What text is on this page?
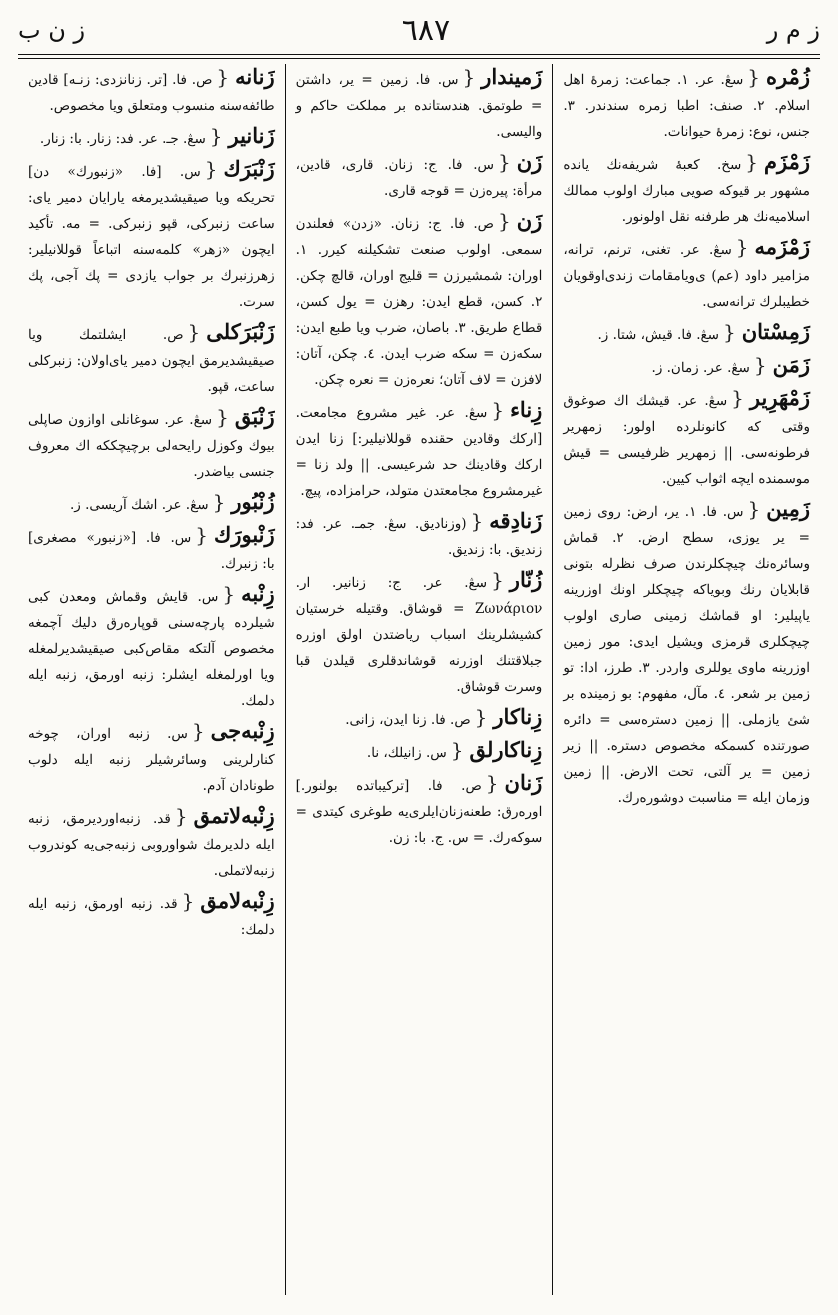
ز م ر
٦٨٧
ز ن ب

زُمْره{سڠ. عر. ١. جماعت: زمرهٔ اهل اسلام. ٢. صنف: اطبا زمره سندندر. ٣. جنس، نوع: زمرهٔ حيوانات.

زَمْزَم{سخ. كعبهٔ شريفه‌نك يانده مشهور بر قيوكه صويى مبارك اولوب ممالك اسلاميه‌نك هر طرفنه نقل اولونور.

زَمْزَمه{سڠ. عر. تغنى، ترنم، ترانه، مزامير داود (عم) ى‌ويامقامات زندى‌اوقويان خطيبلرك ترانه‌سى.

زَمِسْتان{سڠ. فا. قيش، شتا. ز.

زَمَن{سڠ. عر. زمان. ز.

زَمْهَرِير{سڠ. عر. قيشك اك صوغوق وقتى كه كانونلرده اولور: زمهرير فرطونه‌سى. || زمهرير ظرفيسى = قيش موسمنده ايچه اثواب كيين.

زَمِين{س. فا. ١. ير، ارض: روى زمين = ير يوزى، سطح ارض. ٢. قماش وسائره‌نك چيچكلرندن صرف نظرله بتونى قابلايان رنك وبوياكه چيچكلر اونك اوزرينه ياپيلير: او قماشك زمينى صارى اولوب چيچكلرى قرمزى ويشيل ايدى: مور زمين اوزرينه ماوى يوللرى واردر. ٣. طرز، ادا: تو زمين بر شعر. ٤. مآل، مفهوم: بو زمينده بر شئ يازملى. || زمين دستره‌سى = دائره صورتنده كسمكه مخصوص دستره. || زير زمين = ير آلتى، تحت الارض. || زمين وزمان ايله = مناسبت دوشوره‌رك.

زَميندار{س. فا. زمين = ير، داشتن = طوتمق. هندستانده بر مملكت حاكم و واليسى.

زَن{س. فا. ج: زنان. قارى، قادين، مرأة: پيره‌زن = قوجه قارى.

زَن{ص. فا. ج: زنان. «زدن» فعلندن سمعى. اولوب صنعت تشكيلنه كيرر. ١. اوران: شمشيرزن = قليج اوران، قالچ چكن. ٢. كسن، قطع ايدن: رهزن = يول كسن، قطاع طريق. ٣. باصان، ضرب ويا طبع ايدن: سكه‌زن = سكه ضرب ايدن. ٤. چكن، آتان: لافزن = لاف آتان؛ نعره‌زن = نعره چكن.

زِناء{سڠ. عر. غير مشروع مجامعت. [اركك وقادين حقنده قوللانيلير:] زنا ايدن اركك وقادينك حد شرعيسى. || ولد زنا = غيرمشروع مجامعتدن متولد، حرامزاده، پيچ.

زَنادِقه{(وزناديق. سڠ. جمـ. عر. فد: زنديق. با: زنديق.

زُنّار{سڠ. عر. ج: زنانير. ار. Ζωνάριον = قوشاق. وقتيله خرستيان كشيشلرينك اسباب رياضتدن اولق اوزره جبلاقتنك اوزرنه قوشاندقلرى قيلدن قبا وسرت قوشاق.

زِناكار{ص. فا. زنا ايدن، زانى.

زِناكارلق{س. زانيلك، نا.

زَنان{ص. فا. [تركيباتده بولنور.] اورەرق: طعنه‌زنان‌ايلرى‌يه طوغرى كيتدى = سوكه‌رك. = س. ج. با: زن.

زَنانه{ص. فا. [تر. زنانزدى: زنـه] قادين طائفه‌سنه منسوب ومتعلق ويا مخصوص.

زَنانير{سڠ. جـ. عر. فد: زنار. با: زنار.

زَنْبَرَك{س. [فا. «زنبورك» دن] تحريكه ويا صيقيشديرمغه يارايان دمير ياى: ساعت زنبركى، قپو زنبركى. = مه. تأكيد ايچون «زهر» كلمه‌سنه اتباعاً قوللانيلير: زهرزنبرك بر جواب يازدى = پك آجى، پك سرت.

زَنْبَرَكلى{ص. ايشلتمك ويا صيقيشديرمق ايچون دمير ياى‌اولان: زنبركلى ساعت، قپو.

زَنْبَق{سڠ. عر. سوغانلى اوازون صاپلى بيوك وكوزل رايحه‌لى برچيچككه اك معروف جنسى بياضدر.

زُنْبُور{سڠ. عر. اشك آريسى. ز.

زَنْبورَك{س. فا. [«زنبور» مصغرى] با: زنبرك.

زِنْبه{س. قايش وقماش ومعدن كبى شيلرده پارچه‌سنى قوپاره‌رق دليك آچمغه مخصوص آلتكه مقاص‌كبى صيقيشديرلمغله ويا اورلمغله ايشلر: زنبه اورمق، زنبه ايله دلمك.

زِنْبه‌جى{س. زنبه اوران، چوخه كنارلرينى وسائرشيلر زنبه ايله دلوب طونادان آدم.

زِنْبه‌لاتمق{قد. زنبه‌اوردیرمق، زنبه ايله دلدیرمك شواوروبى زنبه‌جى‌يه كوندروب زنبه‌لاتملى.

زِنْبه‌لامق{قد. زنبه اورمق، زنبه ايله دلمك:
